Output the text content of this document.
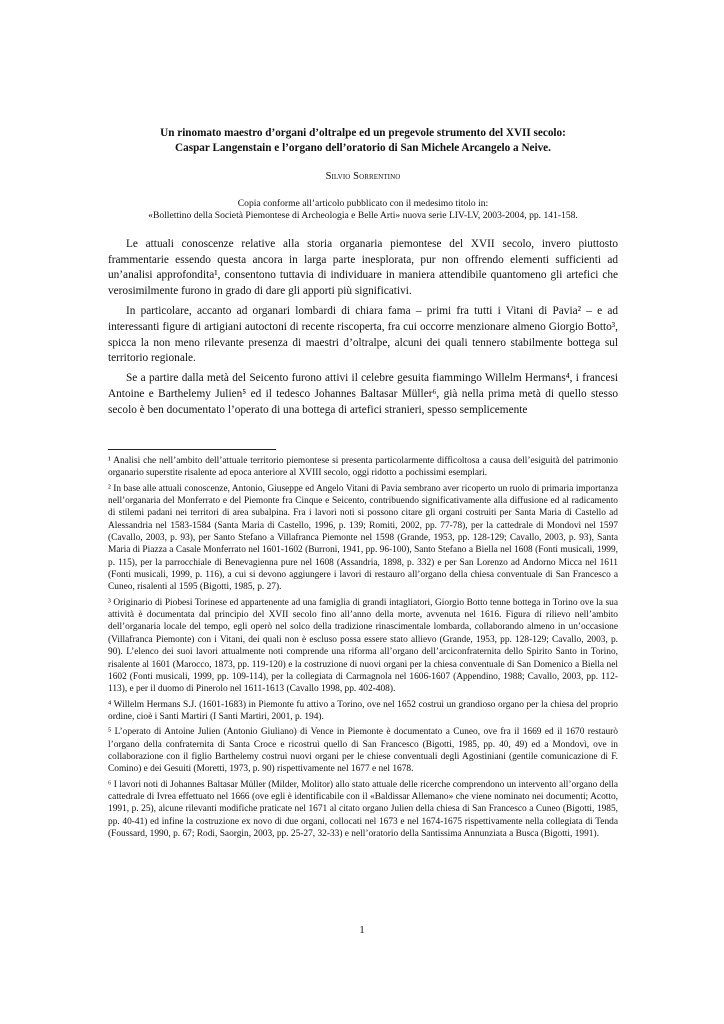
Un rinomato maestro d’organi d’oltralpe ed un pregevole strumento del XVII secolo:
Caspar Langenstain e l’organo dell’oratorio di San Michele Arcangelo a Neive.

Silvio Sorrentino
Copia conforme all’articolo pubblicato con il medesimo titolo in:
«Bollettino della Società Piemontese di Archeologia e Belle Arti» nuova serie LIV-LV, 2003-2004, pp. 141-158.

Le attuali conoscenze relative alla storia organaria piemontese del XVII secolo, invero piuttosto frammentarie essendo questa ancora in larga parte inesplorata, pur non offrendo elementi sufficienti ad un’analisi approfondita¹, consentono tuttavia di individuare in maniera attendibile quantomeno gli artefici che verosimilmente furono in grado di dare gli apporti più significativi.

In particolare, accanto ad organari lombardi di chiara fama – primi fra tutti i Vitani di Pavia² – e ad interessanti figure di artigiani autoctoni di recente riscoperta, fra cui occorre menzionare almeno Giorgio Botto³, spicca la non meno rilevante presenza di maestri d’oltralpe, alcuni dei quali tennero stabilmente bottega sul territorio regionale.

Se a partire dalla metà del Seicento furono attivi il celebre gesuita fiammingo Willelm Hermans⁴, i francesi Antoine e Barthelemy Julien⁵ ed il tedesco Johannes Baltasar Müller⁶, già nella prima metà di quello stesso secolo è ben documentato l’operato di una bottega di artefici stranieri, spesso semplicemente

¹ Analisi che nell’ambito dell’attuale territorio piemontese si presenta particolarmente difficoltosa a causa dell’esiguità del patrimonio organario superstite risalente ad epoca anteriore al XVIII secolo, oggi ridotto a pochissimi esemplari.

² In base alle attuali conoscenze, Antonio, Giuseppe ed Angelo Vitani di Pavia sembrano aver ricoperto un ruolo di primaria importanza nell’organaria del Monferrato e del Piemonte fra Cinque e Seicento, contribuendo significativamente alla diffusione ed al radicamento di stilemi padani nei territori di area subalpina. Fra i lavori noti si possono citare gli organi costruiti per Santa Maria di Castello ad Alessandria nel 1583-1584 (Santa Maria di Castello, 1996, p. 139; Romiti, 2002, pp. 77-78), per la cattedrale di Mondovì nel 1597 (Cavallo, 2003, p. 93), per Santo Stefano a Villafranca Piemonte nel 1598 (Grande, 1953, pp. 128-129; Cavallo, 2003, p. 93), Santa Maria di Piazza a Casale Monferrato nel 1601-1602 (Burroni, 1941, pp. 96-100), Santo Stefano a Biella nel 1608 (Fonti musicali, 1999, p. 115), per la parrocchiale di Benevagienna pure nel 1608 (Assandria, 1898, p. 332) e per San Lorenzo ad Andorno Micca nel 1611 (Fonti musicali, 1999, p. 116), a cui si devono aggiungere i lavori di restauro all’organo della chiesa conventuale di San Francesco a Cuneo, risalenti al 1595 (Bigotti, 1985, p. 27).

³ Originario di Piobesi Torinese ed appartenente ad una famiglia di grandi intagliatori, Giorgio Botto tenne bottega in Torino ove la sua attività è documentata dal principio del XVII secolo fino all’anno della morte, avvenuta nel 1616. Figura di rilievo nell’ambito dell’organaria locale del tempo, egli operò nel solco della tradizione rinascimentale lombarda, collaborando almeno in un’occasione (Villafranca Piemonte) con i Vitani, dei quali non è escluso possa essere stato allievo (Grande, 1953, pp. 128-129; Cavallo, 2003, p. 90). L’elenco dei suoi lavori attualmente noti comprende una riforma all’organo dell’arciconfraternita dello Spirito Santo in Torino, risalente al 1601 (Marocco, 1873, pp. 119-120) e la costruzione di nuovi organi per la chiesa conventuale di San Domenico a Biella nel 1602 (Fonti musicali, 1999, pp. 109-114), per la collegiata di Carmagnola nel 1606-1607 (Appendino, 1988; Cavallo, 2003, pp. 112-113), e per il duomo di Pinerolo nel 1611-1613 (Cavallo 1998, pp. 402-408).

⁴ Willelm Hermans S.J. (1601-1683) in Piemonte fu attivo a Torino, ove nel 1652 costruì un grandioso organo per la chiesa del proprio ordine, cioè i Santi Martiri (I Santi Martiri, 2001, p. 194).

⁵ L’operato di Antoine Julien (Antonio Giuliano) di Vence in Piemonte è documentato a Cuneo, ove fra il 1669 ed il 1670 restaurò l’organo della confraternita di Santa Croce e ricostruì quello di San Francesco (Bigotti, 1985, pp. 40, 49) ed a Mondovì, ove in collaborazione con il figlio Barthelemy costruì nuovi organi per le chiese conventuali degli Agostiniani (gentile comunicazione di F. Comino) e dei Gesuiti (Moretti, 1973, p. 90) rispettivamente nel 1677 e nel 1678.

⁶ I lavori noti di Johannes Baltasar Müller (Milder, Molitor) allo stato attuale delle ricerche comprendono un intervento all’organo della cattedrale di Ivrea effettuato nel 1666 (ove egli è identificabile con il «Baldissar Allemano» che viene nominato nei documenti; Acotto, 1991, p. 25), alcune rilevanti modifiche praticate nel 1671 al citato organo Julien della chiesa di San Francesco a Cuneo (Bigotti, 1985, pp. 40-41) ed infine la costruzione ex novo di due organi, collocati nel 1673 e nel 1674-1675 rispettivamente nella collegiata di Tenda (Foussard, 1990, p. 67; Rodi, Saorgin, 2003, pp. 25-27, 32-33) e nell’oratorio della Santissima Annunziata a Busca (Bigotti, 1991).

1
